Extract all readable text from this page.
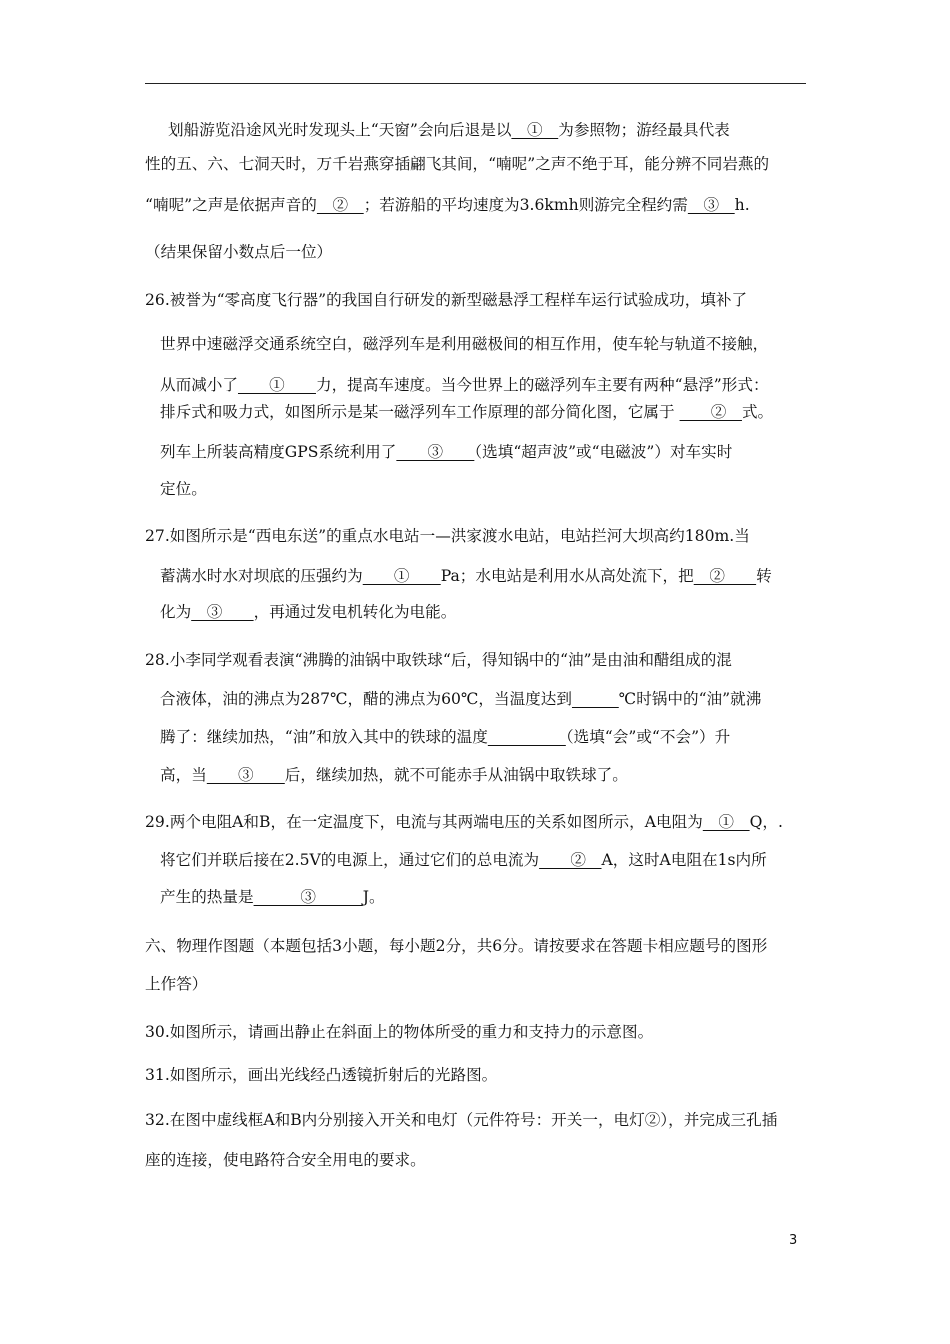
划船游览沿途风光时发现头上“天窗”会向后退是以　①　为参照物；游经最具代表
性的五、六、七洞天时，万千岩燕穿插翩飞其间，“喃呢”之声不绝于耳，能分辨不同岩燕的
“喃呢”之声是依据声音的　②　；若游船的平均速度为3.6kmh则游完全程约需　③　h.
（结果保留小数点后一位）
26.被誉为“零高度飞行器”的我国自行研发的新型磁悬浮工程样车运行试验成功，填补了
世界中速磁浮交通系统空白，磁浮列车是利用磁极间的相互作用，使车轮与轨道不接触，
从而减小了　　①　　力，提高车速度。当今世界上的磁浮列车主要有两种“悬浮”形式：
排斥式和吸力式，如图所示是某一磁浮列车工作原理的部分简化图，它属于 　　②　式。
列车上所装高精度GPS系统利用了　　③　　（选填“超声波”或“电磁波”）对车实时
定位。
27.如图所示是“西电东送”的重点水电站一—洪家渡水电站，电站拦河大坝高约180m.当
蓄满水时水对坝底的压强约为　　①　　Pa；水电站是利用水从高处流下，把　②　　转
化为　③　　，再通过发电机转化为电能。
28.小李同学观看表演“沸腾的油锅中取铁球“后，得知锅中的“油”是由油和醋组成的混
合液体，油的沸点为287℃，醋的沸点为60℃，当温度达到　　　	℃时锅中的“油”就沸
腾了：继续加热，“油”和放入其中的铁球的温度　　　　　	（选填“会”或“不会”）升
高，当　　③　　后，继续加热，就不可能赤手从油锅中取铁球了。
29.两个电阻A和B，在一定温度下，电流与其两端电压的关系如图所示，A电阻为　①　Q，.
将它们并联后接在2.5V的电源上，通过它们的总电流为　　②　A，这时A电阻在1s内所
产生的热量是　　　③　　　J。
六、物理作图题（本题包括3小题，每小题2分，共6分。请按要求在答题卡相应题号的图形
上作答）
30.如图所示，请画出静止在斜面上的物体所受的重力和支持力的示意图。
31.如图所示，画出光线经凸透镜折射后的光路图。
32.在图中虚线框A和B内分别接入开关和电灯（元件符号：开关一，电灯②），并完成三孔插
座的连接，使电路符合安全用电的要求。
3
